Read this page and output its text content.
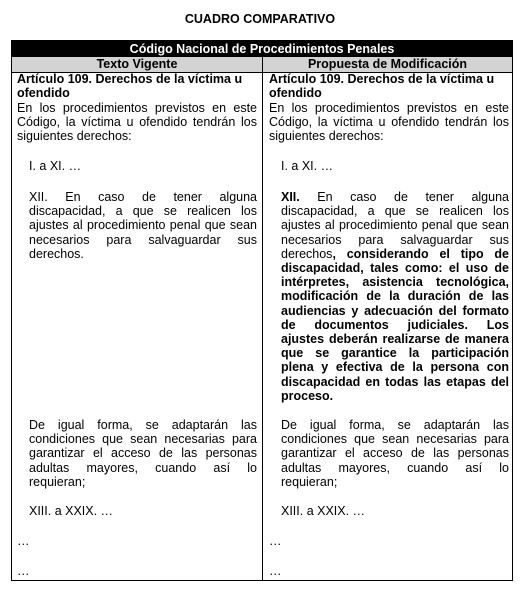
CUADRO COMPARATIVO
Código Nacional de Procedimientos Penales
Texto Vigente	Propuesta de Modificación

Artículo 109. Derechos de la víctima u ofendido

En los procedimientos previstos en este Código, la víctima u ofendido tendrán los siguientes derechos:

I. a XI. …

XII. En caso de tener alguna discapacidad, a que se realicen los ajustes al procedimiento penal que sean necesarios para salvaguardar sus derechos.

De igual forma, se adaptarán las condiciones que sean necesarias para garantizar el acceso de las personas adultas mayores, cuando así lo requieran;

XIII. a XXIX. …

…

…

Artículo 109. Derechos de la víctima u ofendido

En los procedimientos previstos en este Código, la víctima u ofendido tendrán los siguientes derechos:

I. a XI. …

XII. En caso de tener alguna discapacidad, a que se realicen los ajustes al procedimiento penal que sean necesarios para salvaguardar sus derechos, considerando el tipo de discapacidad, tales como: el uso de intérpretes, asistencia tecnológica, modificación de la duración de las audiencias y adecuación del formato de documentos judiciales. Los ajustes deberán realizarse de manera que se garantice la participación plena y efectiva de la persona con discapacidad en todas las etapas del proceso.

De igual forma, se adaptarán las condiciones que sean necesarias para garantizar el acceso de las personas adultas mayores, cuando así lo requieran;

XIII. a XXIX. …

…

…
